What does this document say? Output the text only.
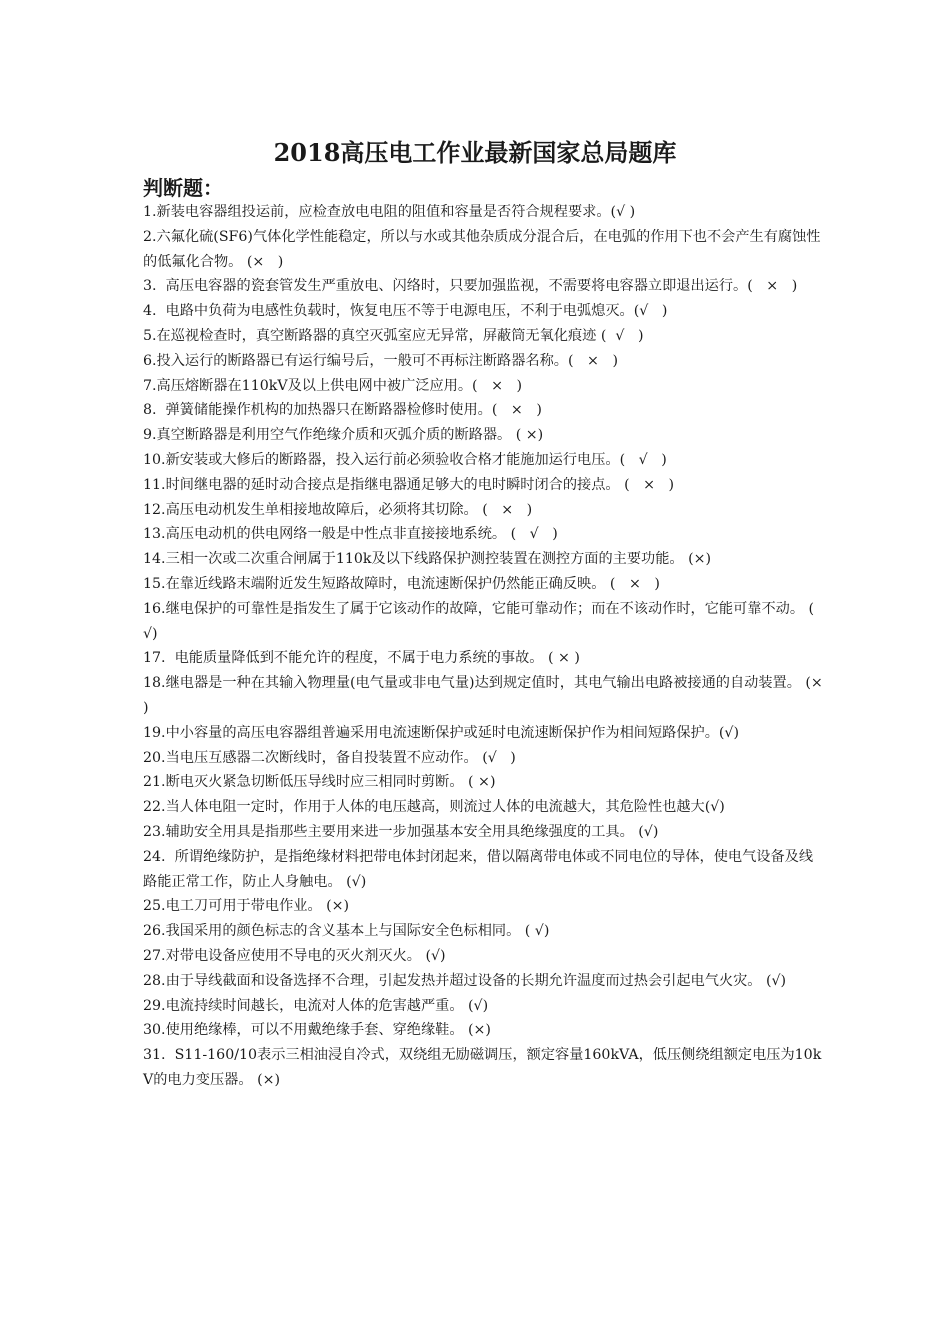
2018高压电工作业最新国家总局题库
判断题：
1.新装电容器组投运前，应检查放电电阻的阻值和容量是否符合规程要求。(√ )
2.六氟化硫(SF6)气体化学性能稳定，所以与水或其他杂质成分混合后，在电弧的作用下也不会产生有腐蚀性的低氟化合物。 (×   )
3.  高压电容器的瓷套管发生严重放电、闪络时，只要加强监视，不需要将电容器立即退出运行。(   ×   )
4.  电路中负荷为电感性负载时，恢复电压不等于电源电压，不利于电弧熄灭。(√   )
5.在巡视检查时，真空断路器的真空灭弧室应无异常，屏蔽筒无氧化痕迹 (  √   )
6.投入运行的断路器已有运行编号后，一般可不再标注断路器名称。(   ×   )
7.高压熔断器在110kV及以上供电网中被广泛应用。(   ×   )
8.  弹簧储能操作机构的加热器只在断路器检修时使用。(   ×   )
9.真空断路器是利用空气作绝缘介质和灭弧介质的断路器。 ( ×)
10.新安装或大修后的断路器，投入运行前必须验收合格才能施加运行电压。(   √   )
11.时间继电器的延时动合接点是指继电器通足够大的电时瞬时闭合的接点。 (   ×   )
12.高压电动机发生单相接地故障后，必须将其切除。 (   ×   )
13.高压电动机的供电网络一般是中性点非直接接地系统。 (   √   )
14.三相一次或二次重合闸属于110k及以下线路保护测控装置在测控方面的主要功能。 (×)
15.在靠近线路末端附近发生短路故障时，电流速断保护仍然能正确反映。 (   ×   )
16.继电保护的可靠性是指发生了属于它该动作的故障，它能可靠动作；而在不该动作时，它能可靠不动。 (      √)
17.  电能质量降低到不能允许的程度，不属于电力系统的事故。 ( × )
18.继电器是一种在其输入物理量(电气量或非电气量)达到规定值时，其电气输出电路被接通的自动装置。 (×  )
19.中小容量的高压电容器组普遍采用电流速断保护或延时电流速断保护作为相间短路保护。(√)
20.当电压互感器二次断线时，备自投装置不应动作。 (√   )
21.断电灭火紧急切断低压导线时应三相同时剪断。 ( ×)
22.当人体电阻一定时，作用于人体的电压越高，则流过人体的电流越大，其危险性也越大(√)
23.辅助安全用具是指那些主要用来进一步加强基本安全用具绝缘强度的工具。 (√)
24.  所谓绝缘防护，是指绝缘材料把带电体封闭起来，借以隔离带电体或不同电位的导体，使电气设备及线路能正常工作，防止人身触电。 (√)
25.电工刀可用于带电作业。 (×)
26.我国采用的颜色标志的含义基本上与国际安全色标相同。 ( √)
27.对带电设备应使用不导电的灭火剂灭火。 (√)
28.由于导线截面和设备选择不合理，引起发热并超过设备的长期允许温度而过热会引起电气火灾。 (√)
29.电流持续时间越长，电流对人体的危害越严重。 (√)
30.使用绝缘棒，可以不用戴绝缘手套、穿绝缘鞋。 (×)
31.  S11-160/10表示三相油浸自冷式，双绕组无励磁调压，额定容量160kVA，低压侧绕组额定电压为10kV的电力变压器。 (×)
